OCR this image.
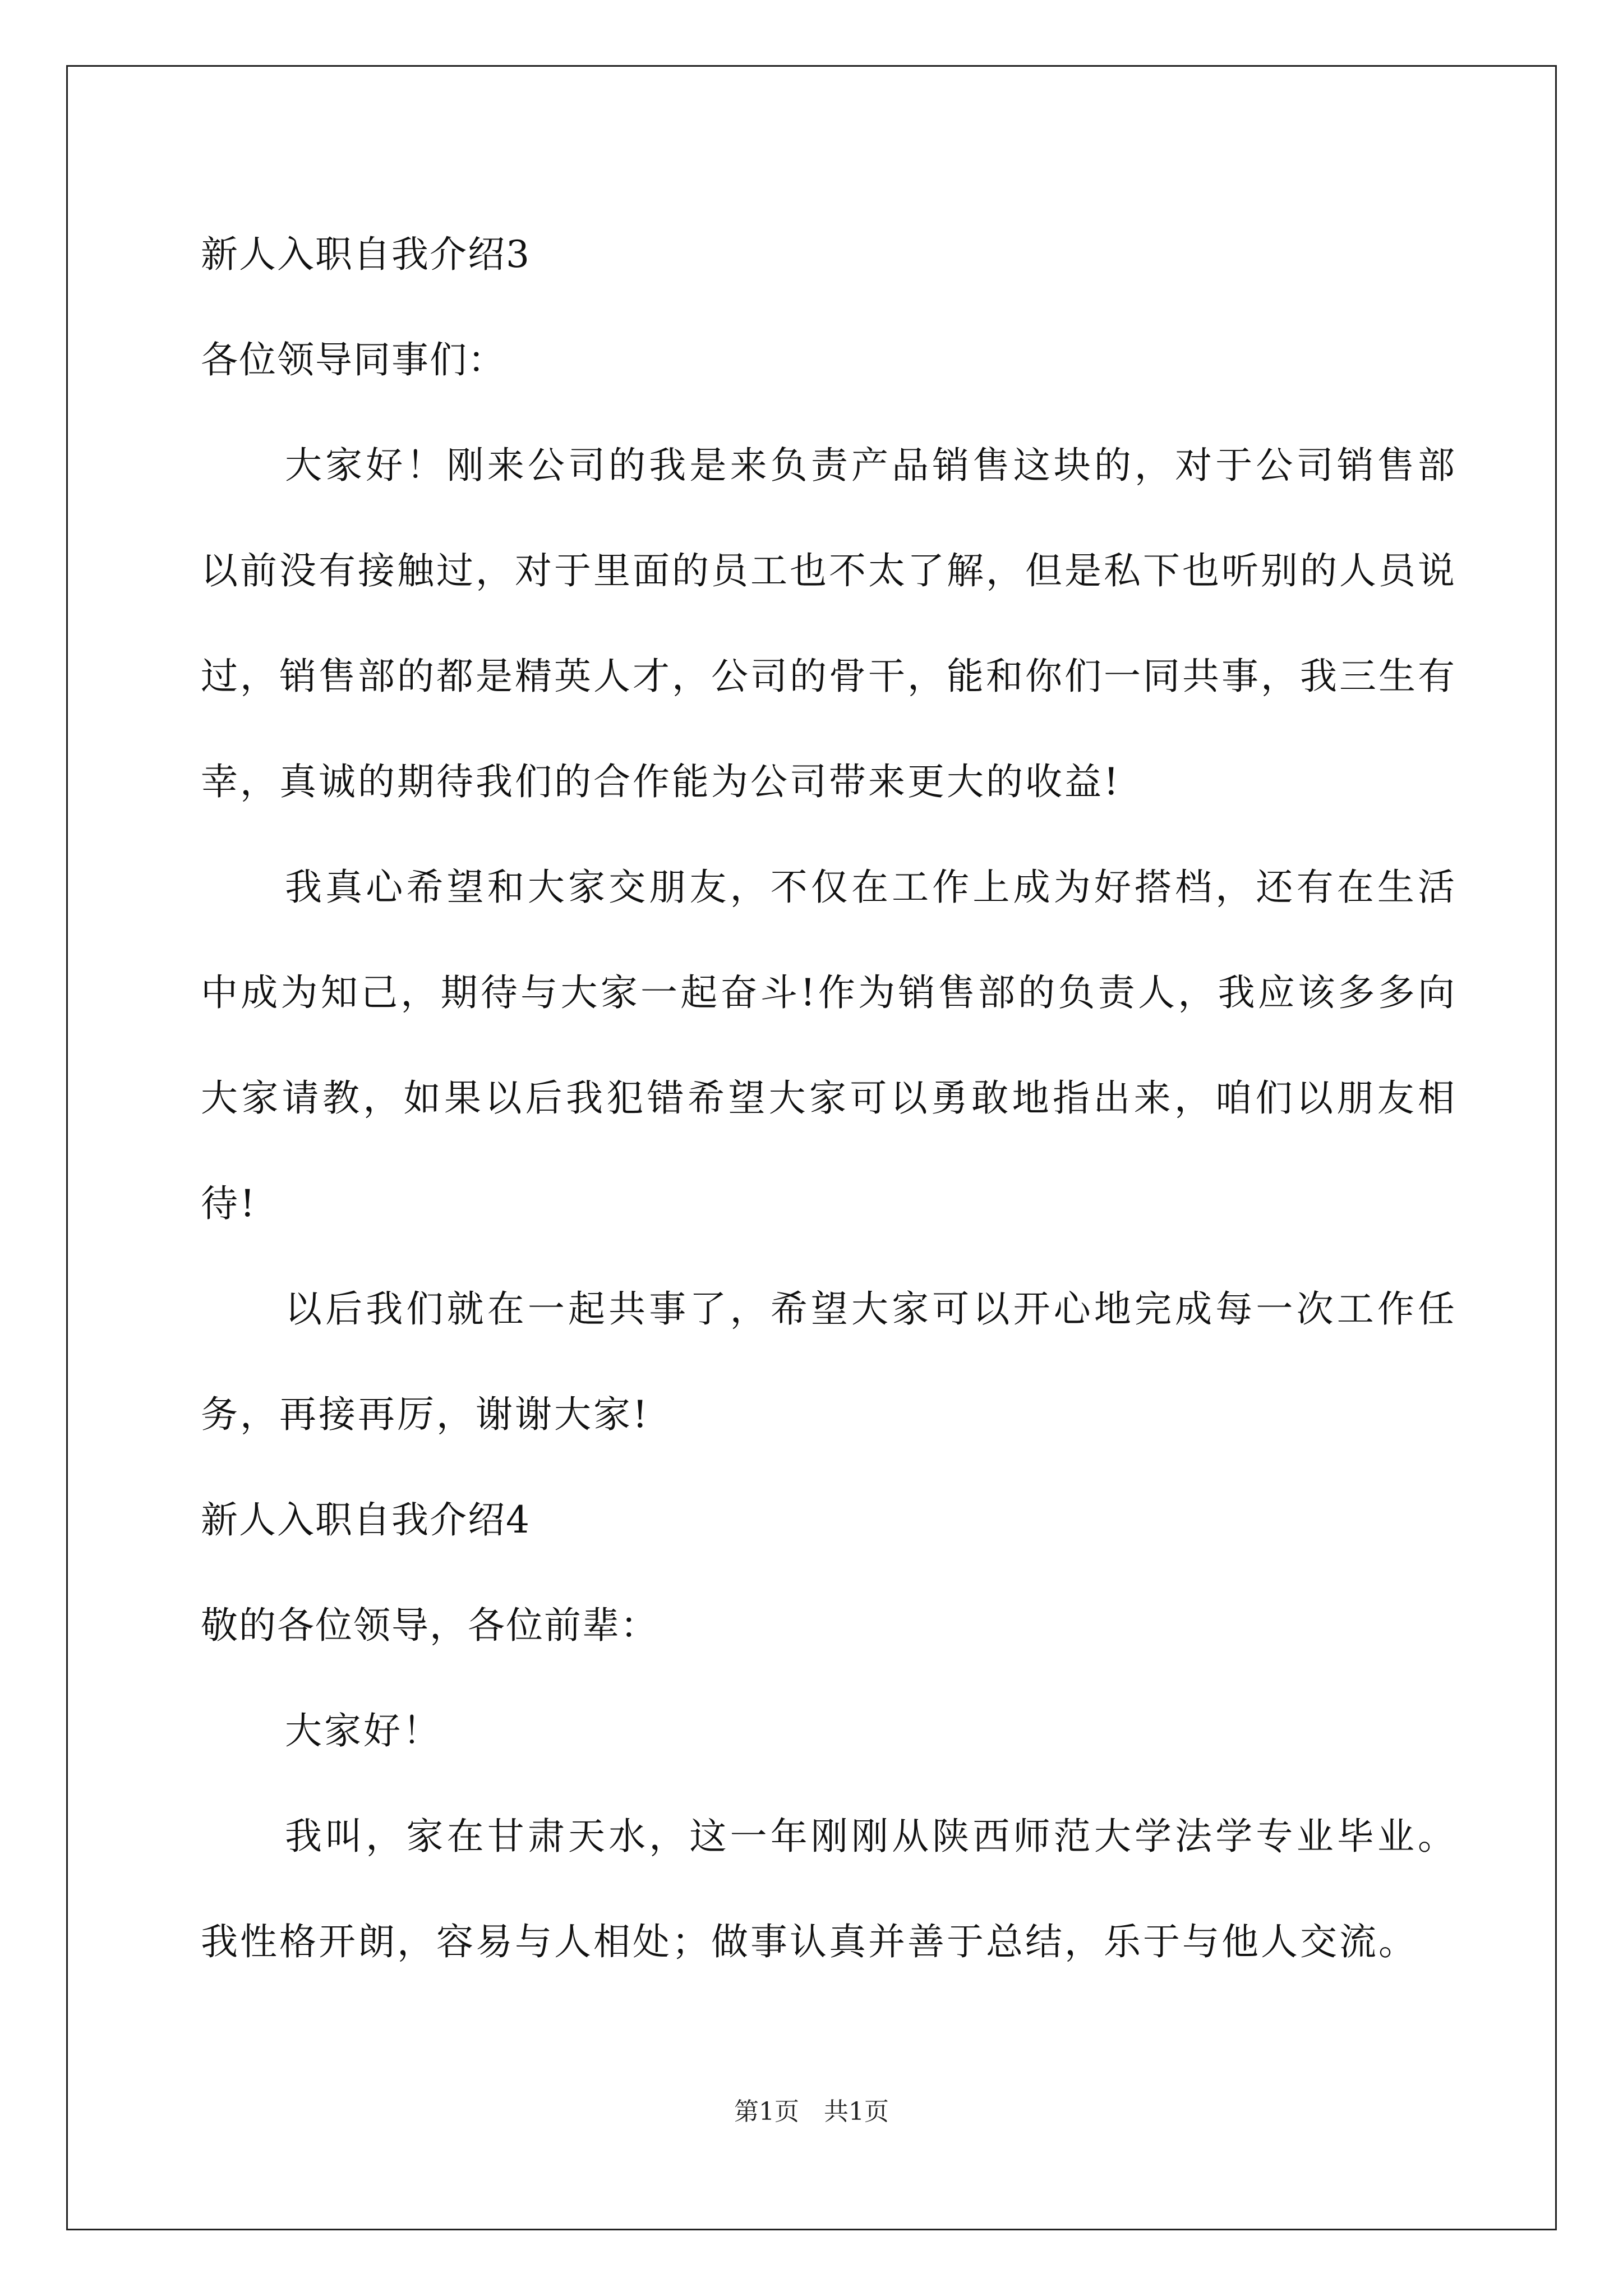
新人入职自我介绍3
各位领导同事们：

大家好！刚来公司的我是来负责产品销售这块的，对于公司销售部以前没有接触过，对于里面的员工也不太了解，但是私下也听别的人员说过，销售部的都是精英人才，公司的骨干，能和你们一同共事，我三生有幸，真诚的期待我们的合作能为公司带来更大的收益!

我真心希望和大家交朋友，不仅在工作上成为好搭档，还有在生活中成为知己，期待与大家一起奋斗!作为销售部的负责人，我应该多多向大家请教，如果以后我犯错希望大家可以勇敢地指出来，咱们以朋友相待!

以后我们就在一起共事了，希望大家可以开心地完成每一次工作任务，再接再厉，谢谢大家!

新人入职自我介绍4
敬的各位领导，各位前辈：

大家好！

我叫，家在甘肃天水，这一年刚刚从陕西师范大学法学专业毕业。我性格开朗，容易与人相处；做事认真并善于总结，乐于与他人交流。

第1页 共1页
